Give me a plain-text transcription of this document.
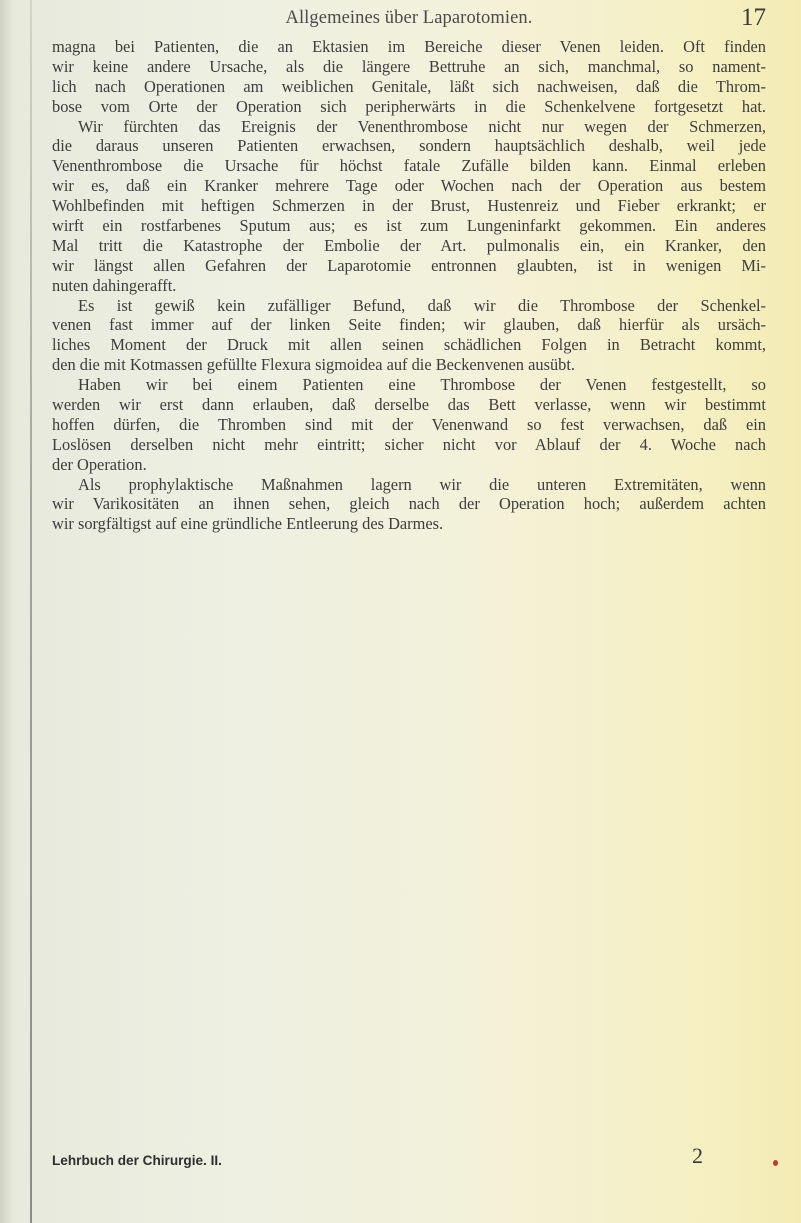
Allgemeines über Laparotomien.	17
magna bei Patienten, die an Ektasien im Bereiche dieser Venen leiden. Oft finden
wir keine andere Ursache, als die längere Bettruhe an sich, manchmal, so nament-
lich nach Operationen am weiblichen Genitale, läßt sich nachweisen, daß die Throm-
bose vom Orte der Operation sich peripherwärts in die Schenkelvene fortgesetzt hat.
Wir fürchten das Ereignis der Venenthrombose nicht nur wegen der Schmerzen,
die daraus unseren Patienten erwachsen, sondern hauptsächlich deshalb, weil jede
Venenthrombose die Ursache für höchst fatale Zufälle bilden kann. Einmal erleben
wir es, daß ein Kranker mehrere Tage oder Wochen nach der Operation aus bestem
Wohlbefinden mit heftigen Schmerzen in der Brust, Hustenreiz und Fieber erkrankt; er
wirft ein rostfarbenes Sputum aus; es ist zum Lungeninfarkt gekommen. Ein anderes
Mal tritt die Katastrophe der Embolie der Art. pulmonalis ein, ein Kranker, den
wir längst allen Gefahren der Laparotomie entronnen glaubten, ist in wenigen Mi-
nuten dahingerafft.
Es ist gewiß kein zufälliger Befund, daß wir die Thrombose der Schenkel-
venen fast immer auf der linken Seite finden; wir glauben, daß hierfür als ursäch-
liches Moment der Druck mit allen seinen schädlichen Folgen in Betracht kommt,
den die mit Kotmassen gefüllte Flexura sigmoidea auf die Beckenvenen ausübt.
Haben wir bei einem Patienten eine Thrombose der Venen festgestellt, so
werden wir erst dann erlauben, daß derselbe das Bett verlasse, wenn wir bestimmt
hoffen dürfen, die Thromben sind mit der Venenwand so fest verwachsen, daß ein
Loslösen derselben nicht mehr eintritt; sicher nicht vor Ablauf der 4. Woche nach
der Operation.
Als prophylaktische Maßnahmen lagern wir die unteren Extremitäten, wenn
wir Varikositäten an ihnen sehen, gleich nach der Operation hoch; außerdem achten
wir sorgfältigst auf eine gründliche Entleerung des Darmes.
Lehrbuch der Chirurgie. II.	2
